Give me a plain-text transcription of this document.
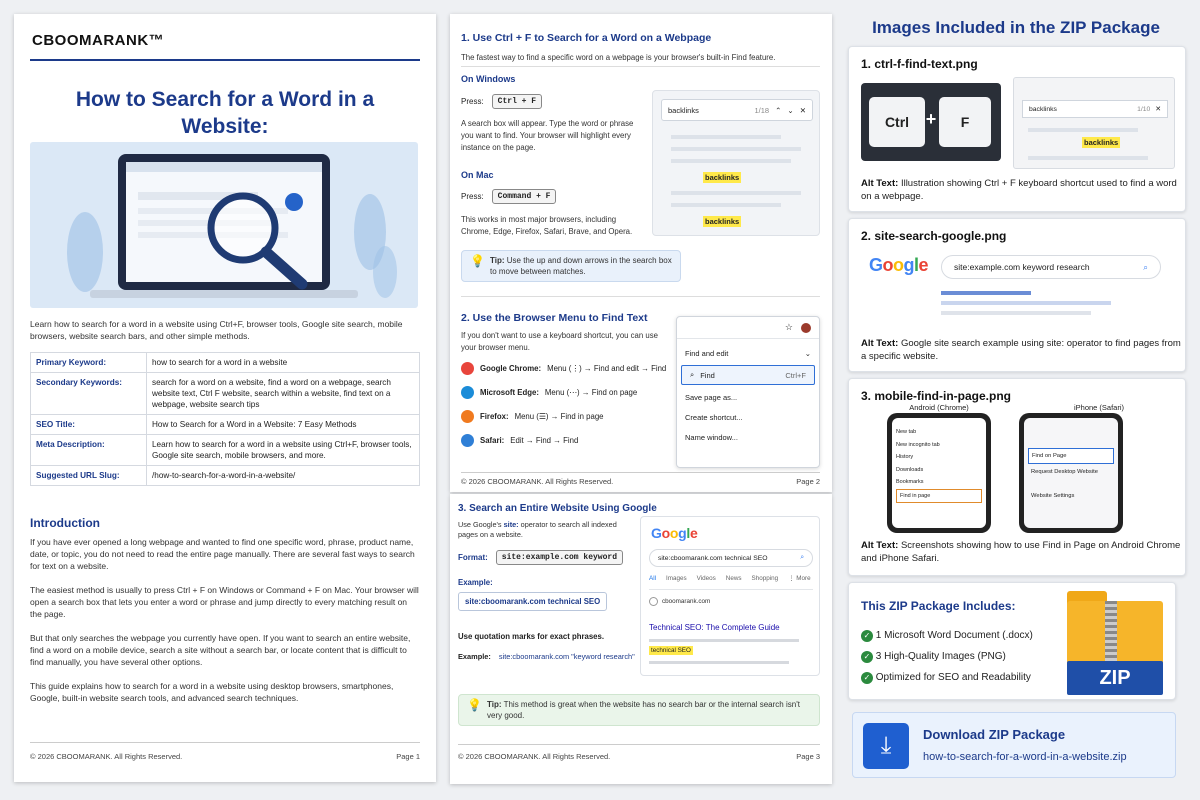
CBOOMARANK™
How to Search for a Word in a Website:
Learn how to search for a word in a website using Ctrl+F, browser tools, Google site search, mobile browsers, website search bars, and other simple methods.
Primary Keyword:	how to search for a word in a website
Secondary Keywords:	search for a word on a website, find a word on a webpage, search website text, Ctrl F website, search within a website, find text on a webpage, website search tips
SEO Title:	How to Search for a Word in a Website: 7 Easy Methods
Meta Description:	Learn how to search for a word in a website using Ctrl+F, browser tools, Google site search, mobile browsers, and more.
Suggested URL Slug:	/how-to-search-for-a-word-in-a-website/
Introduction
If you have ever opened a long webpage and wanted to find one specific word, phrase, product name, date, or topic, you do not need to read the entire page manually. There are several fast ways to search for text on a website.
The easiest method is usually to press Ctrl + F on Windows or Command + F on Mac. Your browser will open a search box that lets you enter a word or phrase and jump directly to every matching result on the page.
But that only searches the webpage you currently have open. If you want to search an entire website, find a word on a mobile device, search a site without a search bar, or locate content that is difficult to find manually, you have several other options.
This guide explains how to search for a word in a website using desktop browsers, smartphones, Google, built-in website search tools, and advanced search techniques.
© 2026 CBOOMARANK. All Rights Reserved.	Page 1
1. Use Ctrl + F to Search for a Word on a Webpage
The fastest way to find a specific word on a webpage is your browser's built-in Find feature.
On Windows
Press:	Ctrl + F
A search box will appear. Type the word or phrase you want to find. Your browser will highlight every instance on the page.
On Mac
Press:	Command + F
This works in most major browsers, including Chrome, Edge, Firefox, Safari, Brave, and Opera.
backlinks	1/18 ⌃ ⌄ ✕
backlinks
backlinks
💡 Tip: Use the up and down arrows in the search box to move between matches.
2. Use the Browser Menu to Find Text
If you don't want to use a keyboard shortcut, you can use your browser menu.
Google Chrome: Menu (⋮) → Find and edit → Find
Microsoft Edge: Menu (⋯) → Find on page
Firefox: Menu (☰) → Find in page
Safari: Edit → Find → Find
☆
Find and edit	⌄
⌕ Find	Ctrl+F
Save page as...
Create shortcut...
Name window...
© 2026 CBOOMARANK. All Rights Reserved.	Page 2
3. Search an Entire Website Using Google
Use Google's site: operator to search all indexed pages on a website.
Format:	site:example.com keyword
Example:
site:cboomarank.com technical SEO
Use quotation marks for exact phrases.
Example: site:cboomarank.com "keyword research"
Google
site:cboomarank.com technical SEO	⌕
All Images Videos News Shopping ⋮ More
cboomarank.com
Technical SEO: The Complete Guide
technical SEO
💡 Tip: This method is great when the website has no search bar or the internal search isn't very good.
© 2026 CBOOMARANK. All Rights Reserved.	Page 3
Images Included in the ZIP Package
1. ctrl-f-find-text.png
Ctrl +	F
backlinks	1/10 ✕
backlinks
Alt Text: Illustration showing Ctrl + F keyboard shortcut used to find a word on a webpage.
2. site-search-google.png
Google	site:example.com keyword research	⌕
Alt Text: Google site search example using site: operator to find pages from a specific website.
3. mobile-find-in-page.png
Android (Chrome)	iPhone (Safari)
New tab
New incognito tab
History
Downloads
Bookmarks
Find in page
Find on Page
Request Desktop Website
Website Settings
Alt Text: Screenshots showing how to use Find in Page on Android Chrome and iPhone Safari.
This ZIP Package Includes:
✓ 1 Microsoft Word Document (.docx)
✓ 3 High-Quality Images (PNG)
✓ Optimized for SEO and Readability	ZIP
⤓	Download ZIP Package
how-to-search-for-a-word-in-a-website.zip
